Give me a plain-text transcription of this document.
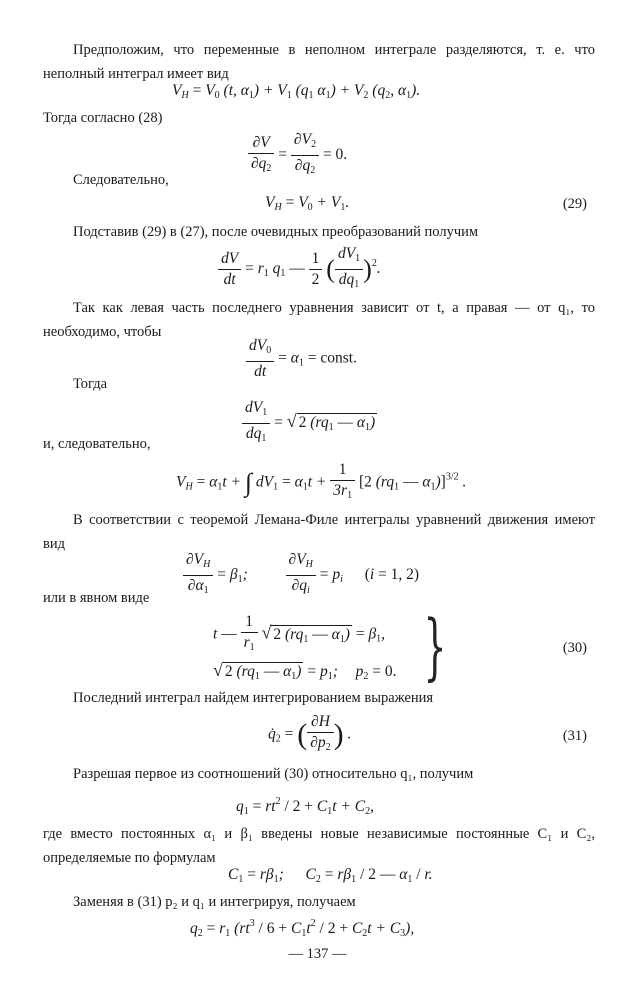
Предположим, что переменные в неполном интеграле разделяются, т. е. что неполный интеграл имеет вид
$V_H = V_0$ (t, $\alpha_1) + V_1$ ($q_1$ $\alpha_1) + V_2$ ($q_2$, $\alpha_1$).
Тогда согласно (28)
$\frac{\partial V}{\partial q_2} = \frac{\partial V_2}{\partial q_2} = 0$.
Следовательно,
$V_H = V_0 + V_1$.	(29)
Подставив (29) в (27), после очевидных преобразований получим
$\frac{dV}{dt} = r_1$ $q_1$ — $\frac{1}{2}$ ( $\frac{dV_1}{dq_1} )^2$.
Так как левая часть последнего уравнения зависит от t, а правая — от q₁, то необходимо, чтобы
$\frac{dV_0}{dt} = \alpha_1$ = const.
Тогда
$\frac{dV_1}{dq_1}$ = √ 2 ($rq_1$ — $\alpha_1$)
и, следовательно,
$V_H = \alpha_1t$ + ∫ $dV_1 = \alpha_1t + \frac{1}{3r_1} [2$ ($rq_1$ — $\alpha_1)]^{3/2}$ .
В соответствии с теоремой Лемана-Филе интегралы уравнений движения имеют вид
$\frac{\partial V_H}{\partial\alpha_1} = \beta_1$; $\frac{\partial V_H}{\partial q_i} = p_i$ (i = 1, 2)
или в явном виде
t — $\frac{1}{r_1}$ √ 2 ($rq_1$ — $\alpha_1) = \beta_1$,
√ 2 ($rq_1$ — $\alpha_1) = p_1$;  $p_2 = 0$. }	(30)
Последний интеграл найдем интегрированием выражения
$q̇_2$ = ( $\frac{\partial H}{\partial p_2}$ ) .	(31)
Разрешая первое из соотношений (30) относительно q₁, получим
$q_1 = rt^2 / 2 + C_1t + C_2$,
где вместо постоянных α₁ и β₁ введены новые независимые постоянные C₁ и C₂, определяемые по формулам
$C_1 = r\beta_1$;  $C_2 = r\beta_1 / 2$ — $\alpha_1$ / r.
Заменяя в (31) p₂ и q₁ и интегрируя, получаем
$q_2 = r_1$ $(rt^3 / 6 + C_1t^2 / 2 + C_2t + C_3)$,
— 137 —
